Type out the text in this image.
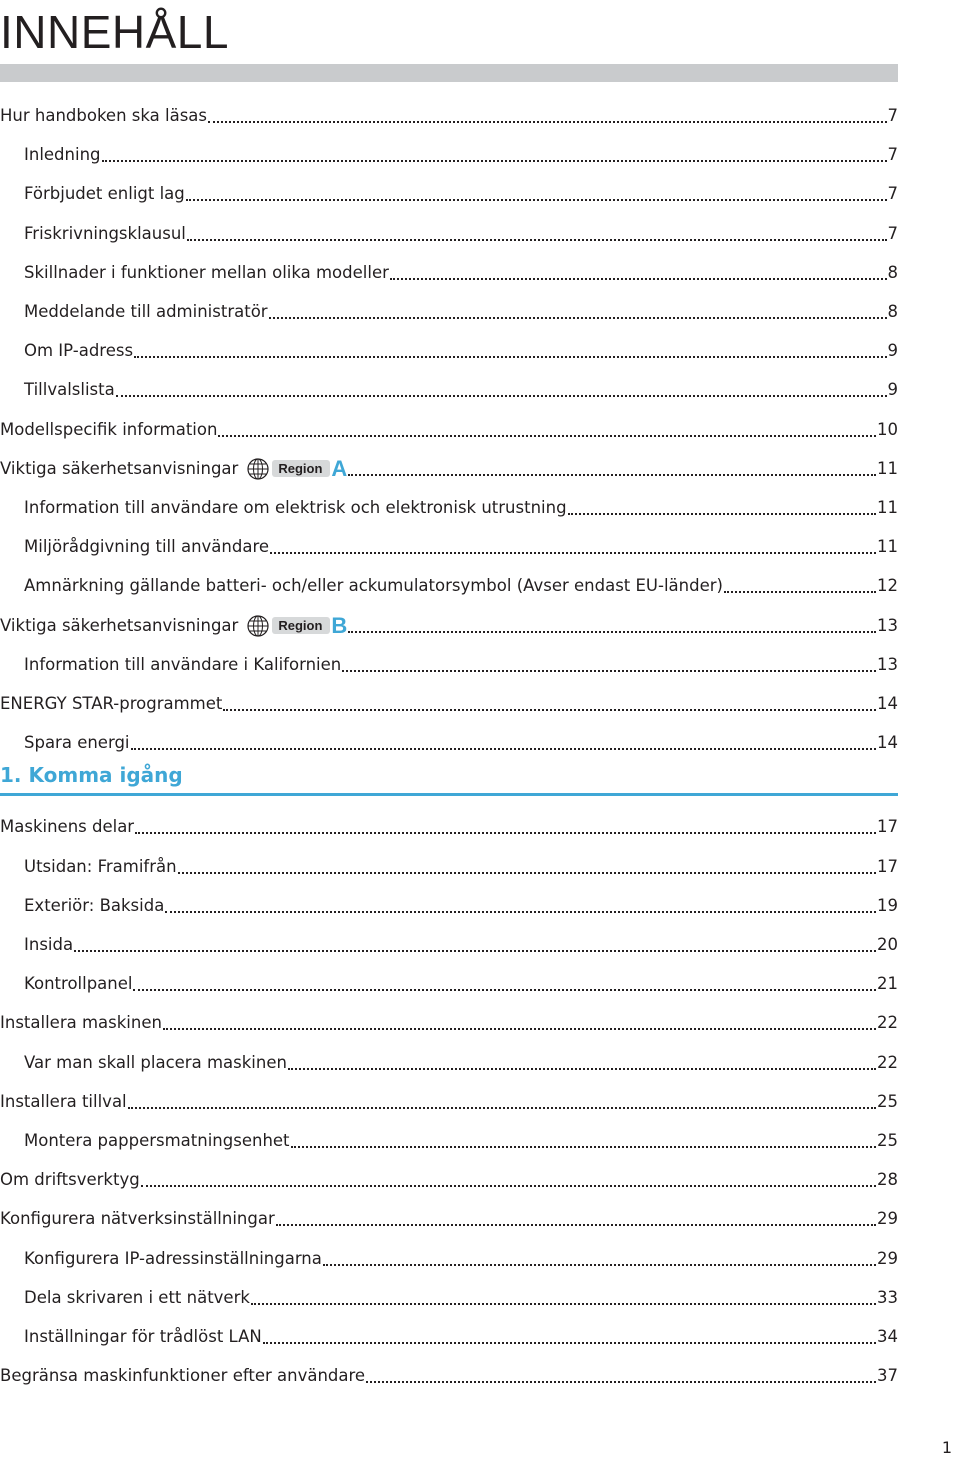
INNEHÅLL
Hur handboken ska läsas	7
Inledning	7
Förbjudet enligt lag	7
Friskrivningsklausul	7
Skillnader i funktioner mellan olika modeller	8
Meddelande till administratör	8
Om IP-adress	9
Tillvalslista	9
Modellspecifik information	10
Viktiga säkerhetsanvisningar	Region A	11
Information till användare om elektrisk och elektronisk utrustning	11
Miljörådgivning till användare	11
Amnärkning gällande batteri- och/eller ackumulatorsymbol (Avser endast EU-länder)	12
Viktiga säkerhetsanvisningar	Region B	13
Information till användare i Kalifornien	13
ENERGY STAR-programmet	14
Spara energi	14
1. Komma igång
Maskinens delar	17
Utsidan: Framifrån	17
Exteriör: Baksida	19
Insida	20
Kontrollpanel	21
Installera maskinen	22
Var man skall placera maskinen	22
Installera tillval	25
Montera pappersmatningsenhet	25
Om driftsverktyg	28
Konfigurera nätverksinställningar	29
Konfigurera IP-adressinställningarna	29
Dela skrivaren i ett nätverk	33
Inställningar för trådlöst LAN	34
Begränsa maskinfunktioner efter användare	37
1
